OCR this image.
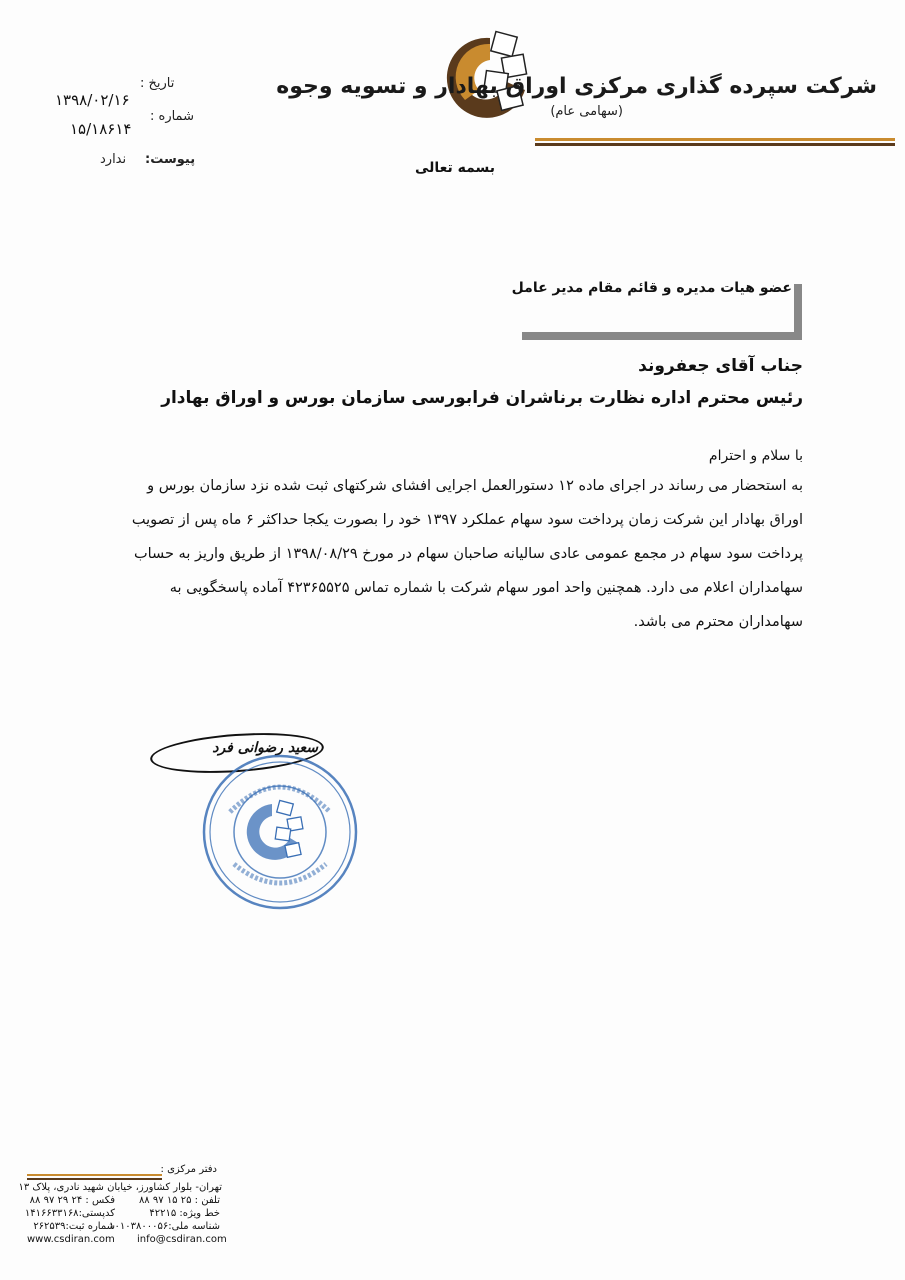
شرکت سپرده گذاری مرکزی اوراق بهادار و تسویه وجوه
(سهامی عام)
تاریخ :
۱۳۹۸/۰۲/۱۶
شماره :
۱۵/۱۸۶۱۴
پیوست:
ندارد
بسمه تعالی
عضو هیات مدیره و قائم مقام مدیر عامل
جناب آقای جعفروند
رئیس محترم اداره نظارت برناشران فرابورسی سازمان بورس و اوراق بهادار
با سلام و احترام
به استحضار می رساند در اجرای ماده ۱۲ دستورالعمل اجرایی افشای شرکتهای ثبت شده نزد سازمان بورس و
اوراق بهادار این شرکت زمان پرداخت سود سهام عملکرد ۱۳۹۷ خود را بصورت یکجا حداکثر ۶ ماه پس از تصویب
پرداخت سود سهام در مجمع عمومی عادی سالیانه صاحبان سهام در مورخ ۱۳۹۸/۰۸/۲۹ از طریق واریز به حساب
سهامداران اعلام می دارد. همچنین واحد امور سهام شرکت با شماره تماس ۴۲۳۶۵۵۲۵ آماده پاسخگویی به
سهامداران محترم می باشد.
سعید رضوانی فرد
دفتر مرکزی :
تهران- بلوار کشاورز، خیابان شهید نادری، پلاک ۱۳
تلفن : ۲۵ ۱۵ ۹۷ ۸۸
فکس : ۲۴ ۲۹ ۹۷ ۸۸
خط ویژه: ۴۲۲۱۵
کدپستی:۱۴۱۶۶۳۳۱۶۸
شناسه ملی:۱۰۱۰۳۸۰۰۰۵۶
شماره ثبت:۲۶۲۵۳۹
www.csdiran.com info@csdiran.com
